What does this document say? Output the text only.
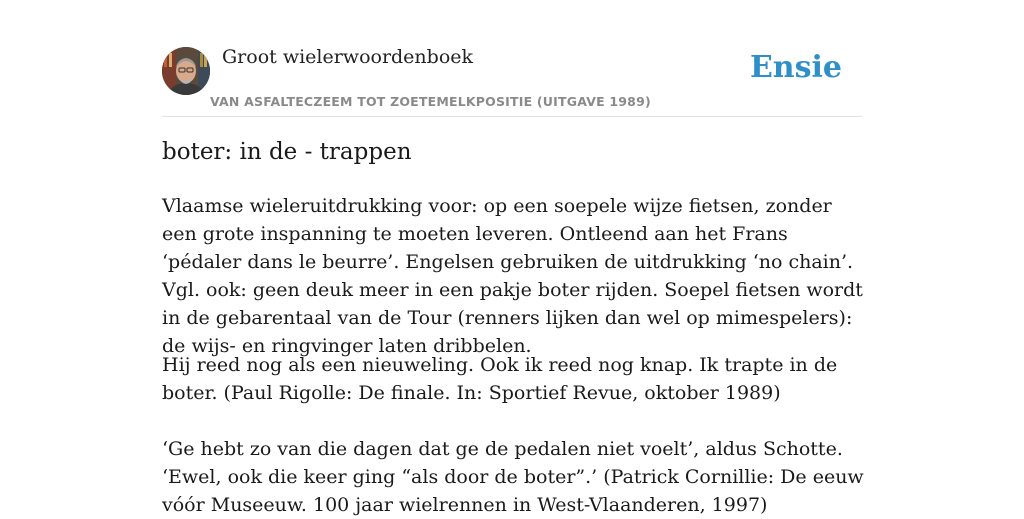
Groot wielerwoordenboek
VAN ASFALTECZEEM TOT ZOETEMELKPOSITIE (UITGAVE 1989)
Ensie
boter: in de - trappen

Vlaamse wieleruitdrukking voor: op een soepele wijze fietsen, zonder een grote inspanning te moeten leveren. Ontleend aan het Frans ‘pédaler dans le beurre’. Engelsen gebruiken de uitdrukking ‘no chain’. Vgl. ook: geen deuk meer in een pakje boter rijden. Soepel fietsen wordt in de gebarentaal van de Tour (renners lijken dan wel op mimespelers): de wijs- en ringvinger laten dribbelen.

Hij reed nog als een nieuweling. Ook ik reed nog knap. Ik trapte in de boter. (Paul Rigolle: De finale. In: Sportief Revue, oktober 1989)

‘Ge hebt zo van die dagen dat ge de pedalen niet voelt’, aldus Schotte. ‘Ewel, ook die keer ging “als door de boter”.’ (Patrick Cornillie: De eeuw vóór Museeuw. 100 jaar wielrennen in West-Vlaanderen, 1997)
